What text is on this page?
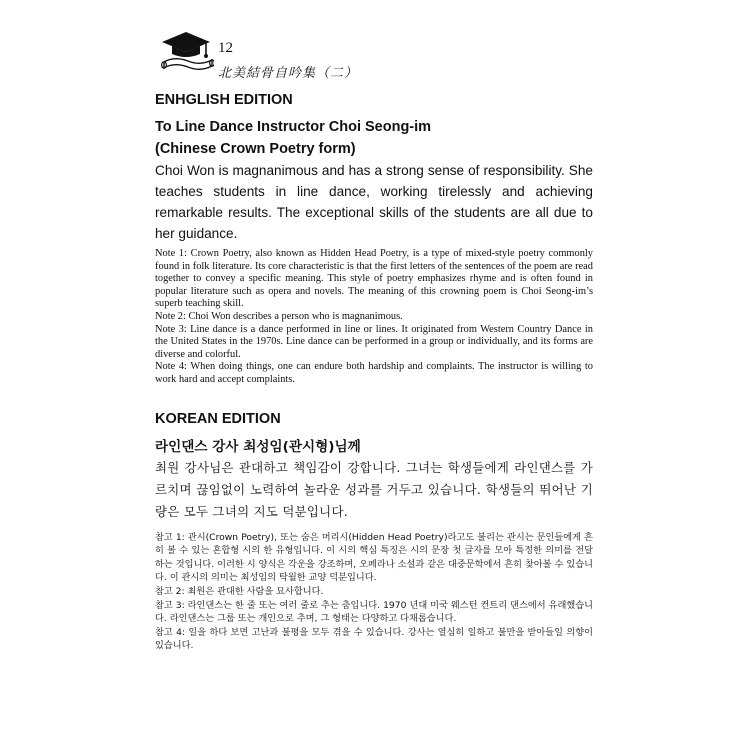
12
北美結骨自吟集（二）
ENHGLISH EDITION
To Line Dance Instructor Choi Seong-im
(Chinese Crown Poetry form)

Choi Won is magnanimous and has a strong sense of responsibility. She teaches students in line dance, working tirelessly and achieving remarkable results. The exceptional skills of the students are all due to her guidance.

Note 1: Crown Poetry, also known as Hidden Head Poetry, is a type of mixed-style poetry commonly found in folk literature. Its core characteristic is that the first letters of the sentences of the poem are read together to convey a specific meaning. This style of poetry emphasizes rhyme and is often found in popular literature such as opera and novels. The meaning of this crowning poem is Choi Seong-im’s superb teaching skill.

Note 2: Choi Won describes a person who is magnanimous.

Note 3: Line dance is a dance performed in line or lines. It originated from Western Country Dance in the United States in the 1970s. Line dance can be performed in a group or individually, and its forms are diverse and colorful.

Note 4: When doing things, one can endure both hardship and complaints. The instructor is willing to work hard and accept complaints.

KOREAN EDITION
라인댄스 강사 최성임(관시형)님께

최원 강사님은 관대하고 책임감이 강합니다. 그녀는 학생들에게 라인댄스를 가르치며 끊임없이 노력하여 놀라운 성과를 거두고 있습니다. 학생들의 뛰어난 기량은 모두 그녀의 지도 덕분입니다.

참고 1: 관시(Crown Poetry), 또는 숨은 머리시(Hidden Head Poetry)라고도 불리는 관시는 문인들에게 흔히 볼 수 있는 혼합형 시의 한 유형입니다. 이 시의 핵심 특징은 시의 문장 첫 글자를 모아 특정한 의미를 전달하는 것입니다. 이러한 시 양식은 각운을 강조하며, 오페라나 소설과 같은 대중문학에서 흔히 찾아볼 수 있습니다. 이 관시의 의미는 최성임의 탁월한 교양 덕분입니다.

참고 2: 최원은 관대한 사람을 묘사합니다.

참고 3: 라인댄스는 한 줄 또는 여러 줄로 추는 춤입니다. 1970 년대 미국 웨스턴 컨트리 댄스에서 유래했습니다. 라인댄스는 그룹 또는 개인으로 추며, 그 형태는 다양하고 다채롭습니다.

참고 4: 일을 하다 보면 고난과 불평을 모두 겪을 수 있습니다. 강사는 열심히 일하고 불만을 받아들일 의향이 있습니다.
